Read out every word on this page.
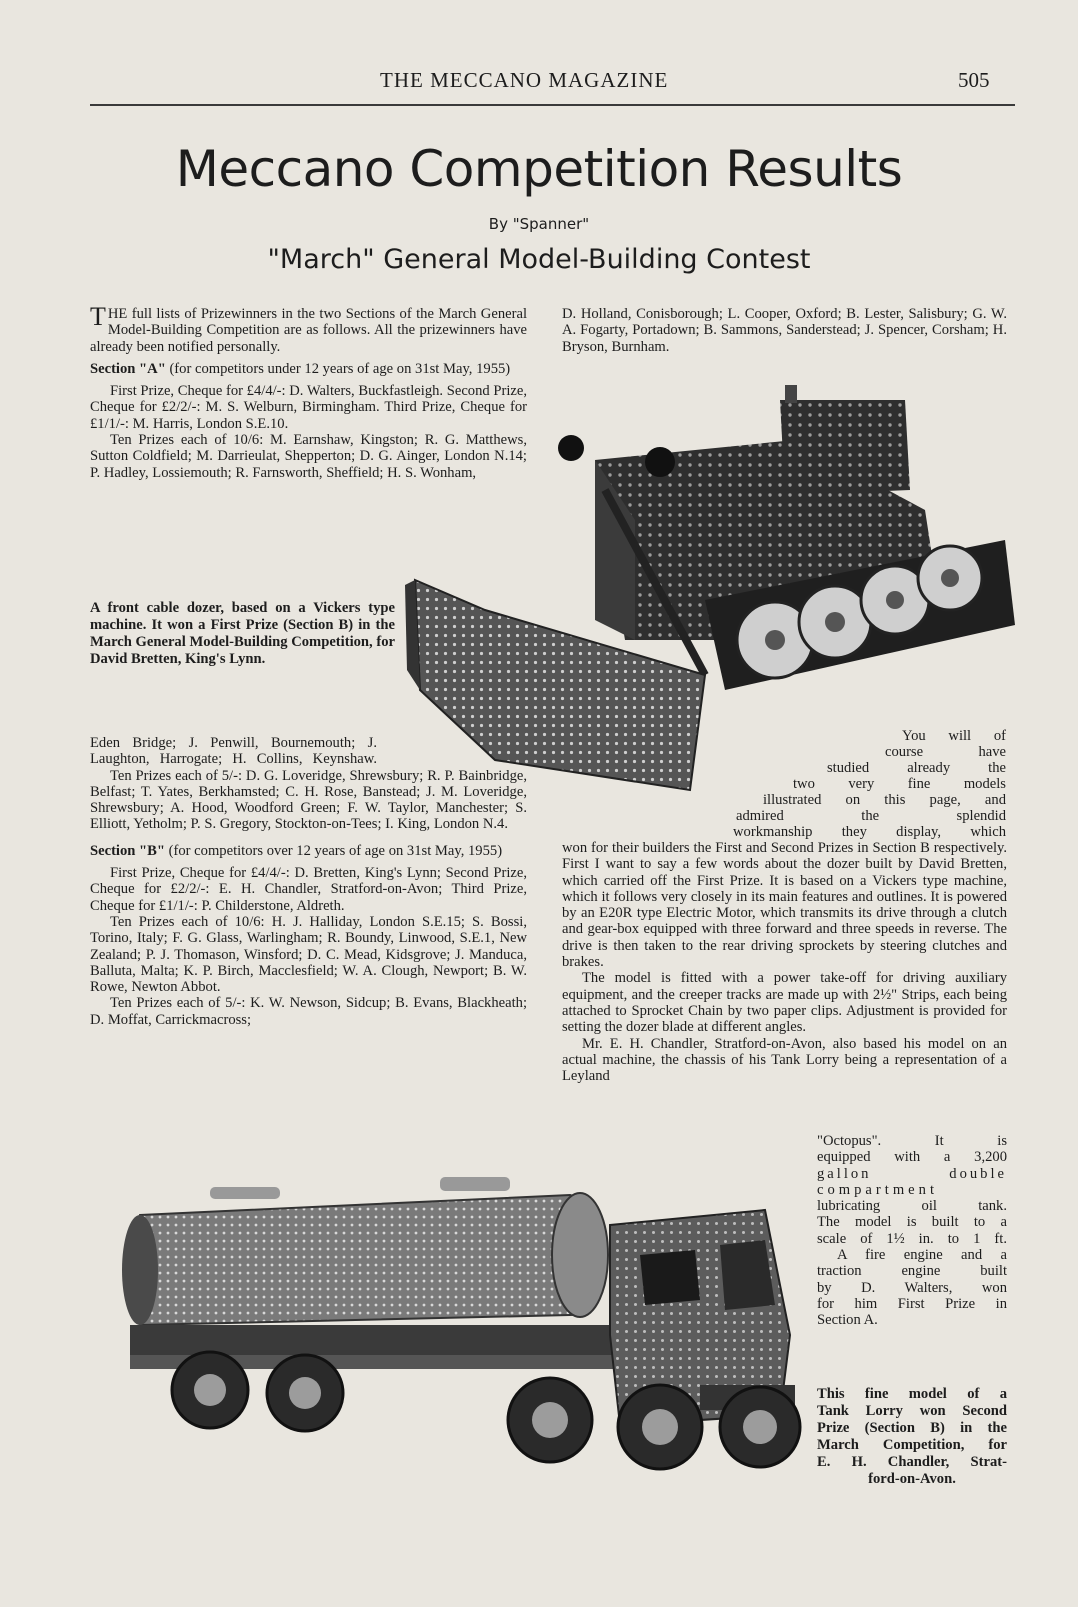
THE MECCANO MAGAZINE	505
Meccano Competition Results
By "Spanner"
"March" General Model-Building Contest

THE full lists of Prizewinners in the two Sections of the March General Model-Building Competition are as follows. All the prizewinners have already been notified personally.

Section "A" (for competitors under 12 years of age on 31st May, 1955)

First Prize, Cheque for £4/4/-: D. Walters, Buckfastleigh. Second Prize, Cheque for £2/2/-: M. S. Welburn, Birmingham. Third Prize, Cheque for £1/1/-: M. Harris, London S.E.10.

Ten Prizes each of 10/6: M. Earnshaw, Kingston; R. G. Matthews, Sutton Coldfield; M. Darrieulat, Shepperton; D. G. Ainger, London N.14; P. Hadley, Lossiemouth; R. Farnsworth, Sheffield; H. S. Wonham,

D. Holland, Conisborough; L. Cooper, Oxford; B. Lester, Salisbury; G. W. A. Fogarty, Portadown; B. Sammons, Sanderstead; J. Spencer, Corsham; H. Bryson, Burnham.

A front cable dozer, based on a Vickers type machine. It won a First Prize (Section B) in the March General Model-Building Competition, for David Bretten, King's Lynn.

Eden Bridge; J. Penwill, Bournemouth; J. Laughton, Harrogate; H. Collins, Keynshaw.

Ten Prizes each of 5/-: D. G. Loveridge, Shrewsbury; R. P. Bainbridge, Belfast; T. Yates, Berkhamsted; C. H. Rose, Banstead; J. M. Loveridge, Shrewsbury; A. Hood, Woodford Green; F. W. Taylor, Manchester; S. Elliott, Yetholm; P. S. Gregory, Stockton-on-Tees; I. King, London N.4.

Section "B" (for competitors over 12 years of age on 31st May, 1955)

First Prize, Cheque for £4/4/-: D. Bretten, King's Lynn; Second Prize, Cheque for £2/2/-: E. H. Chandler, Stratford-on-Avon; Third Prize, Cheque for £1/1/-: P. Childerstone, Aldreth.

Ten Prizes each of 10/6: H. J. Halliday, London S.E.15; S. Bossi, Torino, Italy; F. G. Glass, Warlingham; R. Boundy, Linwood, S.E.1, New Zealand; P. J. Thomason, Winsford; D. C. Mead, Kidsgrove; J. Manduca, Balluta, Malta; K. P. Birch, Macclesfield; W. A. Clough, Newport; B. W. Rowe, Newton Abbot.

Ten Prizes each of 5/-: K. W. Newson, Sidcup; B. Evans, Blackheath; D. Moffat, Carrickmacross;

You will of
course have
studied already the
two very fine models
illustrated on this page, and
admired the splendid
workmanship they display, which

won for their builders the First and Second Prizes in Section B respectively. First I want to say a few words about the dozer built by David Bretten, which carried off the First Prize. It is based on a Vickers type machine, which it follows very closely in its main features and outlines. It is powered by an E20R type Electric Motor, which transmits its drive through a clutch and gear-box equipped with three forward and three speeds in reverse. The drive is then taken to the rear driving sprockets by steering clutches and brakes.

The model is fitted with a power take-off for driving auxiliary equipment, and the creeper tracks are made up with 2½" Strips, each being attached to Sprocket Chain by two paper clips. Adjustment is provided for setting the dozer blade at different angles.

Mr. E. H. Chandler, Stratford-on-Avon, also based his model on an actual machine, the chassis of his Tank Lorry being a representation of a Leyland

"Octopus". It is

equipped with a 3,200

gallon double

compartment

lubricating oil tank.

The model is built to a

scale of 1½ in. to 1 ft.

A fire engine and a

traction engine built

by D. Walters, won

for him First Prize in

Section A.

This fine model of a
Tank Lorry won Second
Prize (Section B) in the
March Competition, for
E. H. Chandler, Strat-
ford-on-Avon.
